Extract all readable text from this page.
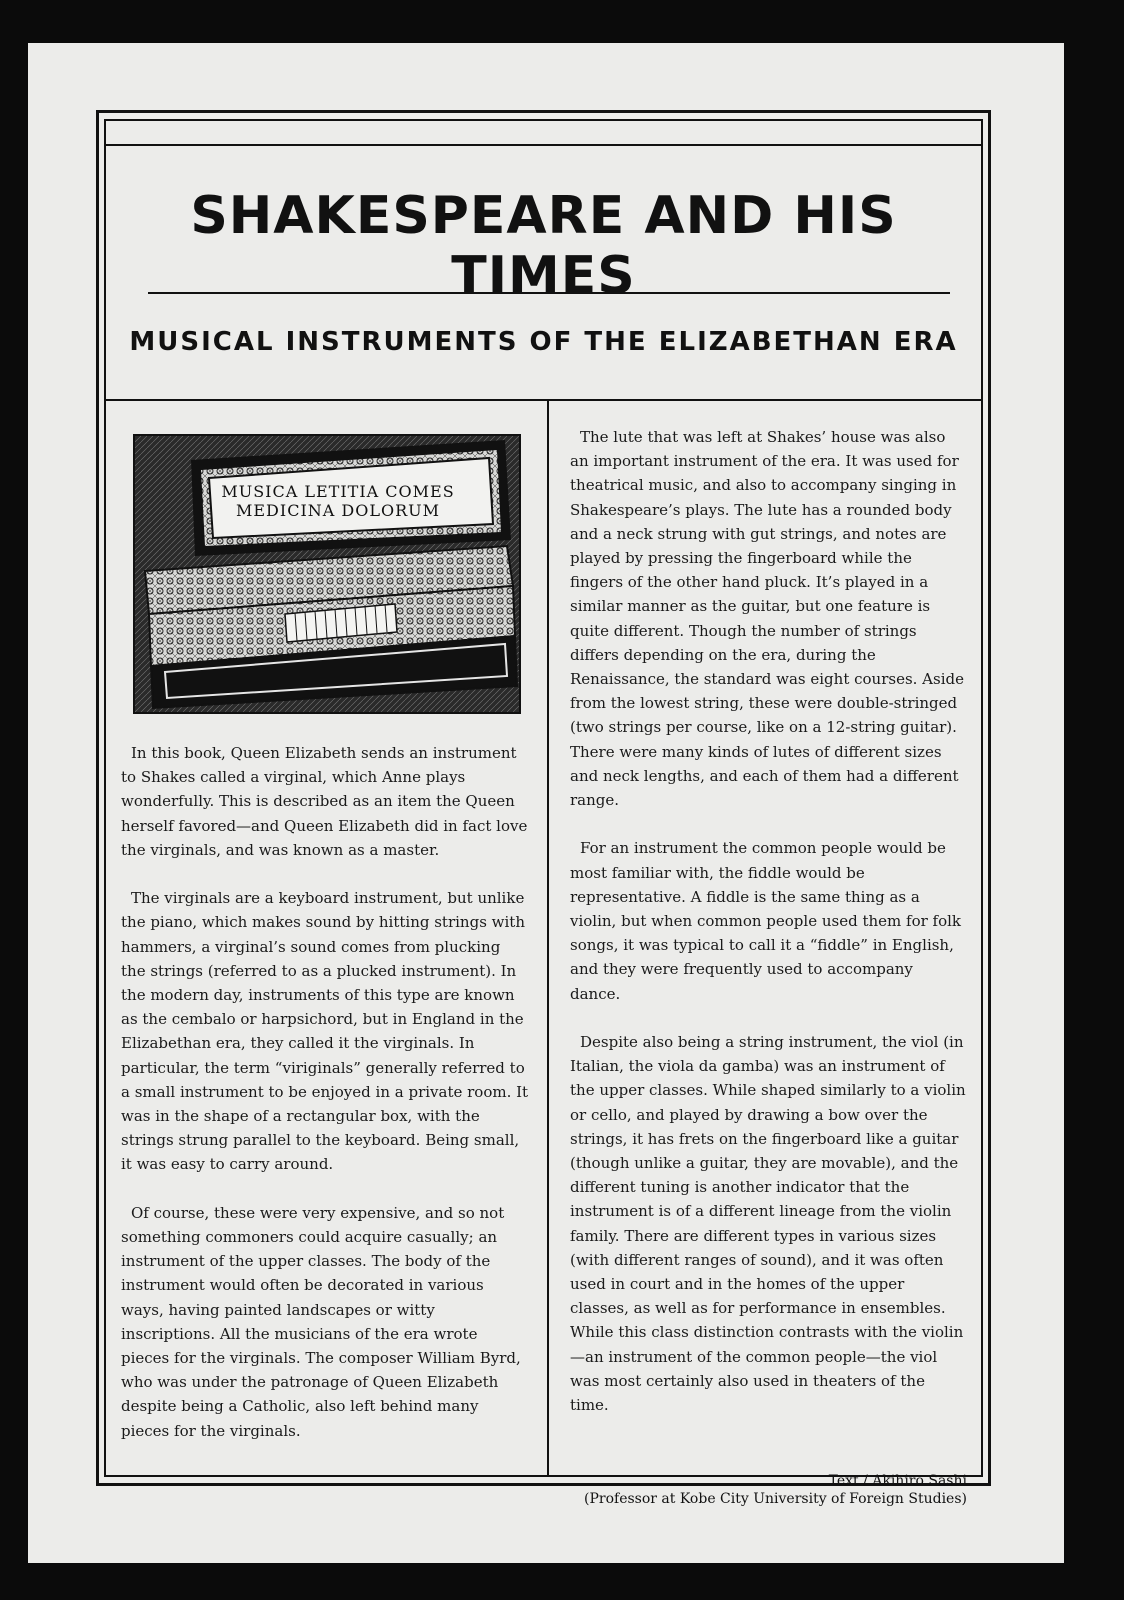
SHAKESPEARE AND HIS TIMES
MUSICAL INSTRUMENTS OF THE ELIZABETHAN ERA
MUSICA LETITIA COMES
MEDICINA DOLORUM

In this book, Queen Elizabeth sends an instrument to Shakes called a virginal, which Anne plays wonderfully. This is described as an item the Queen herself favored—and Queen Elizabeth did in fact love the virginals, and was known as a master.

The virginals are a keyboard instrument, but unlike the piano, which makes sound by hitting strings with hammers, a virginal’s sound comes from plucking the strings (referred to as a plucked instrument). In the modern day, instruments of this type are known as the cembalo or harpsichord, but in England in the Elizabethan era, they called it the virginals. In particular, the term “viriginals” generally referred to a small instrument to be enjoyed in a private room. It was in the shape of a rectangular box, with the strings strung parallel to the keyboard. Being small, it was easy to carry around.

Of course, these were very expensive, and so not something commoners could acquire casually; an instrument of the upper classes. The body of the instrument would often be decorated in various ways, having painted landscapes or witty inscriptions. All the musicians of the era wrote pieces for the virginals. The composer William Byrd, who was under the patronage of Queen Elizabeth despite being a Catholic, also left behind many pieces for the virginals.

The lute that was left at Shakes’ house was also an important instrument of the era. It was used for theatrical music, and also to accompany singing in Shakespeare’s plays. The lute has a rounded body and a neck strung with gut strings, and notes are played by pressing the fingerboard while the fingers of the other hand pluck. It’s played in a similar manner as the guitar, but one feature is quite different. Though the number of strings differs depending on the era, during the Renaissance, the standard was eight courses. Aside from the lowest string, these were double-stringed (two strings per course, like on a 12-string guitar). There were many kinds of lutes of different sizes and neck lengths, and each of them had a different range.

For an instrument the common people would be most familiar with, the fiddle would be representative. A fiddle is the same thing as a violin, but when common people used them for folk songs, it was typical to call it a “fiddle” in English, and they were frequently used to accompany dance.

Despite also being a string instrument, the viol (in Italian, the viola da gamba) was an instrument of the upper classes. While shaped similarly to a violin or cello, and played by drawing a bow over the strings, it has frets on the fingerboard like a guitar (though unlike a guitar, they are movable), and the different tuning is another indicator that the instrument is of a different lineage from the violin family. There are different types in various sizes (with different ranges of sound), and it was often used in court and in the homes of the upper classes, as well as for performance in ensembles. While this class distinction contrasts with the violin—an instrument of the common people—the viol was most certainly also used in theaters of the time.

Text / Akihiro Sashi
(Professor at Kobe City University of Foreign Studies)
